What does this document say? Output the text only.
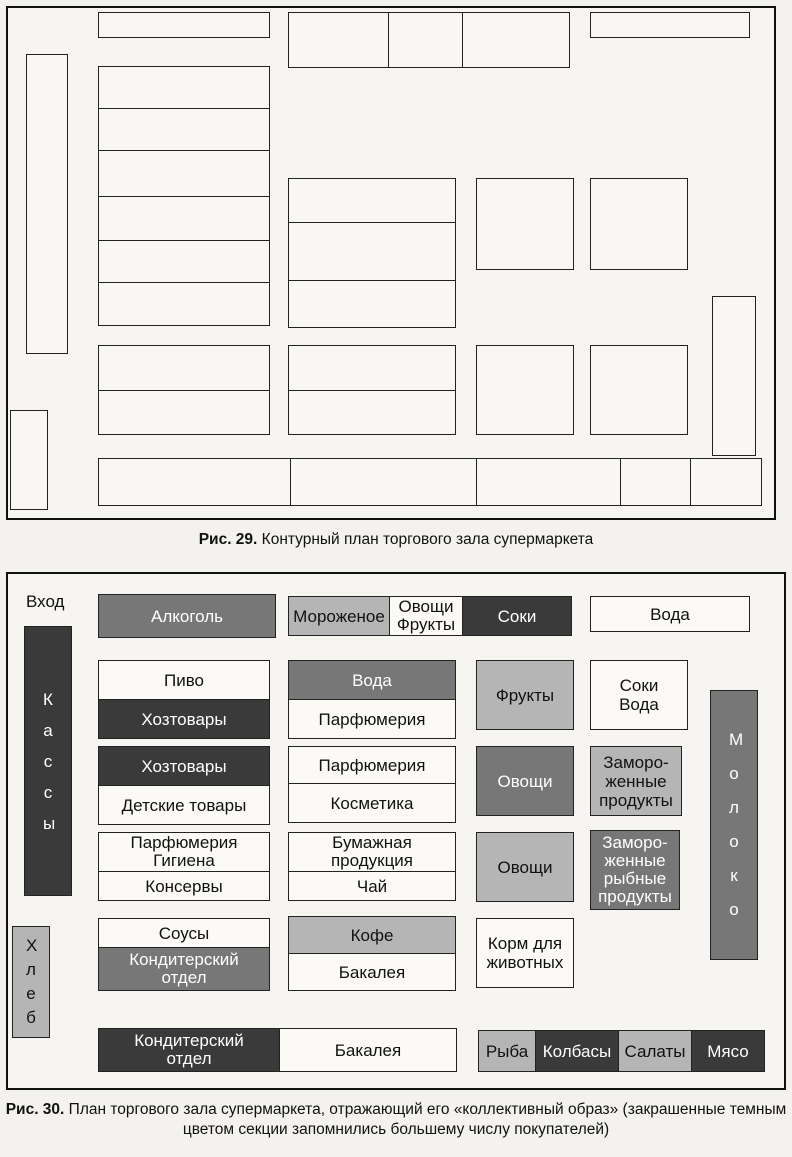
Рис. 29. Контурный план торгового зала супермаркета
Вход
К а с с ы
Х л е б
Алкоголь	Мороженое Овощи Фрукты	Соки	Вода
Пиво
Хозтовары
Хозтовары
Детские товары
Парфюмерия
Гигиена
Консервы
Соусы
Кондитерский
отдел
Вода
Парфюмерия
Парфюмерия
Косметика
Бумажная
продукция
Чай
Кофе
Бакалея
Фрукты	Соки
Вода
Овощи
Заморо-
женные
продукты
Овощи
Заморо-
женные
рыбные
продукты
Корм для
животных
М о л о к о
Кондитерский
отдел	Бакалея	Рыба Колбасы Салаты Мясо
Рис. 30. План торгового зала супермаркета, отражающий его «коллективный образ» (закрашенные темным
цветом секции запомнились большему числу покупателей)
